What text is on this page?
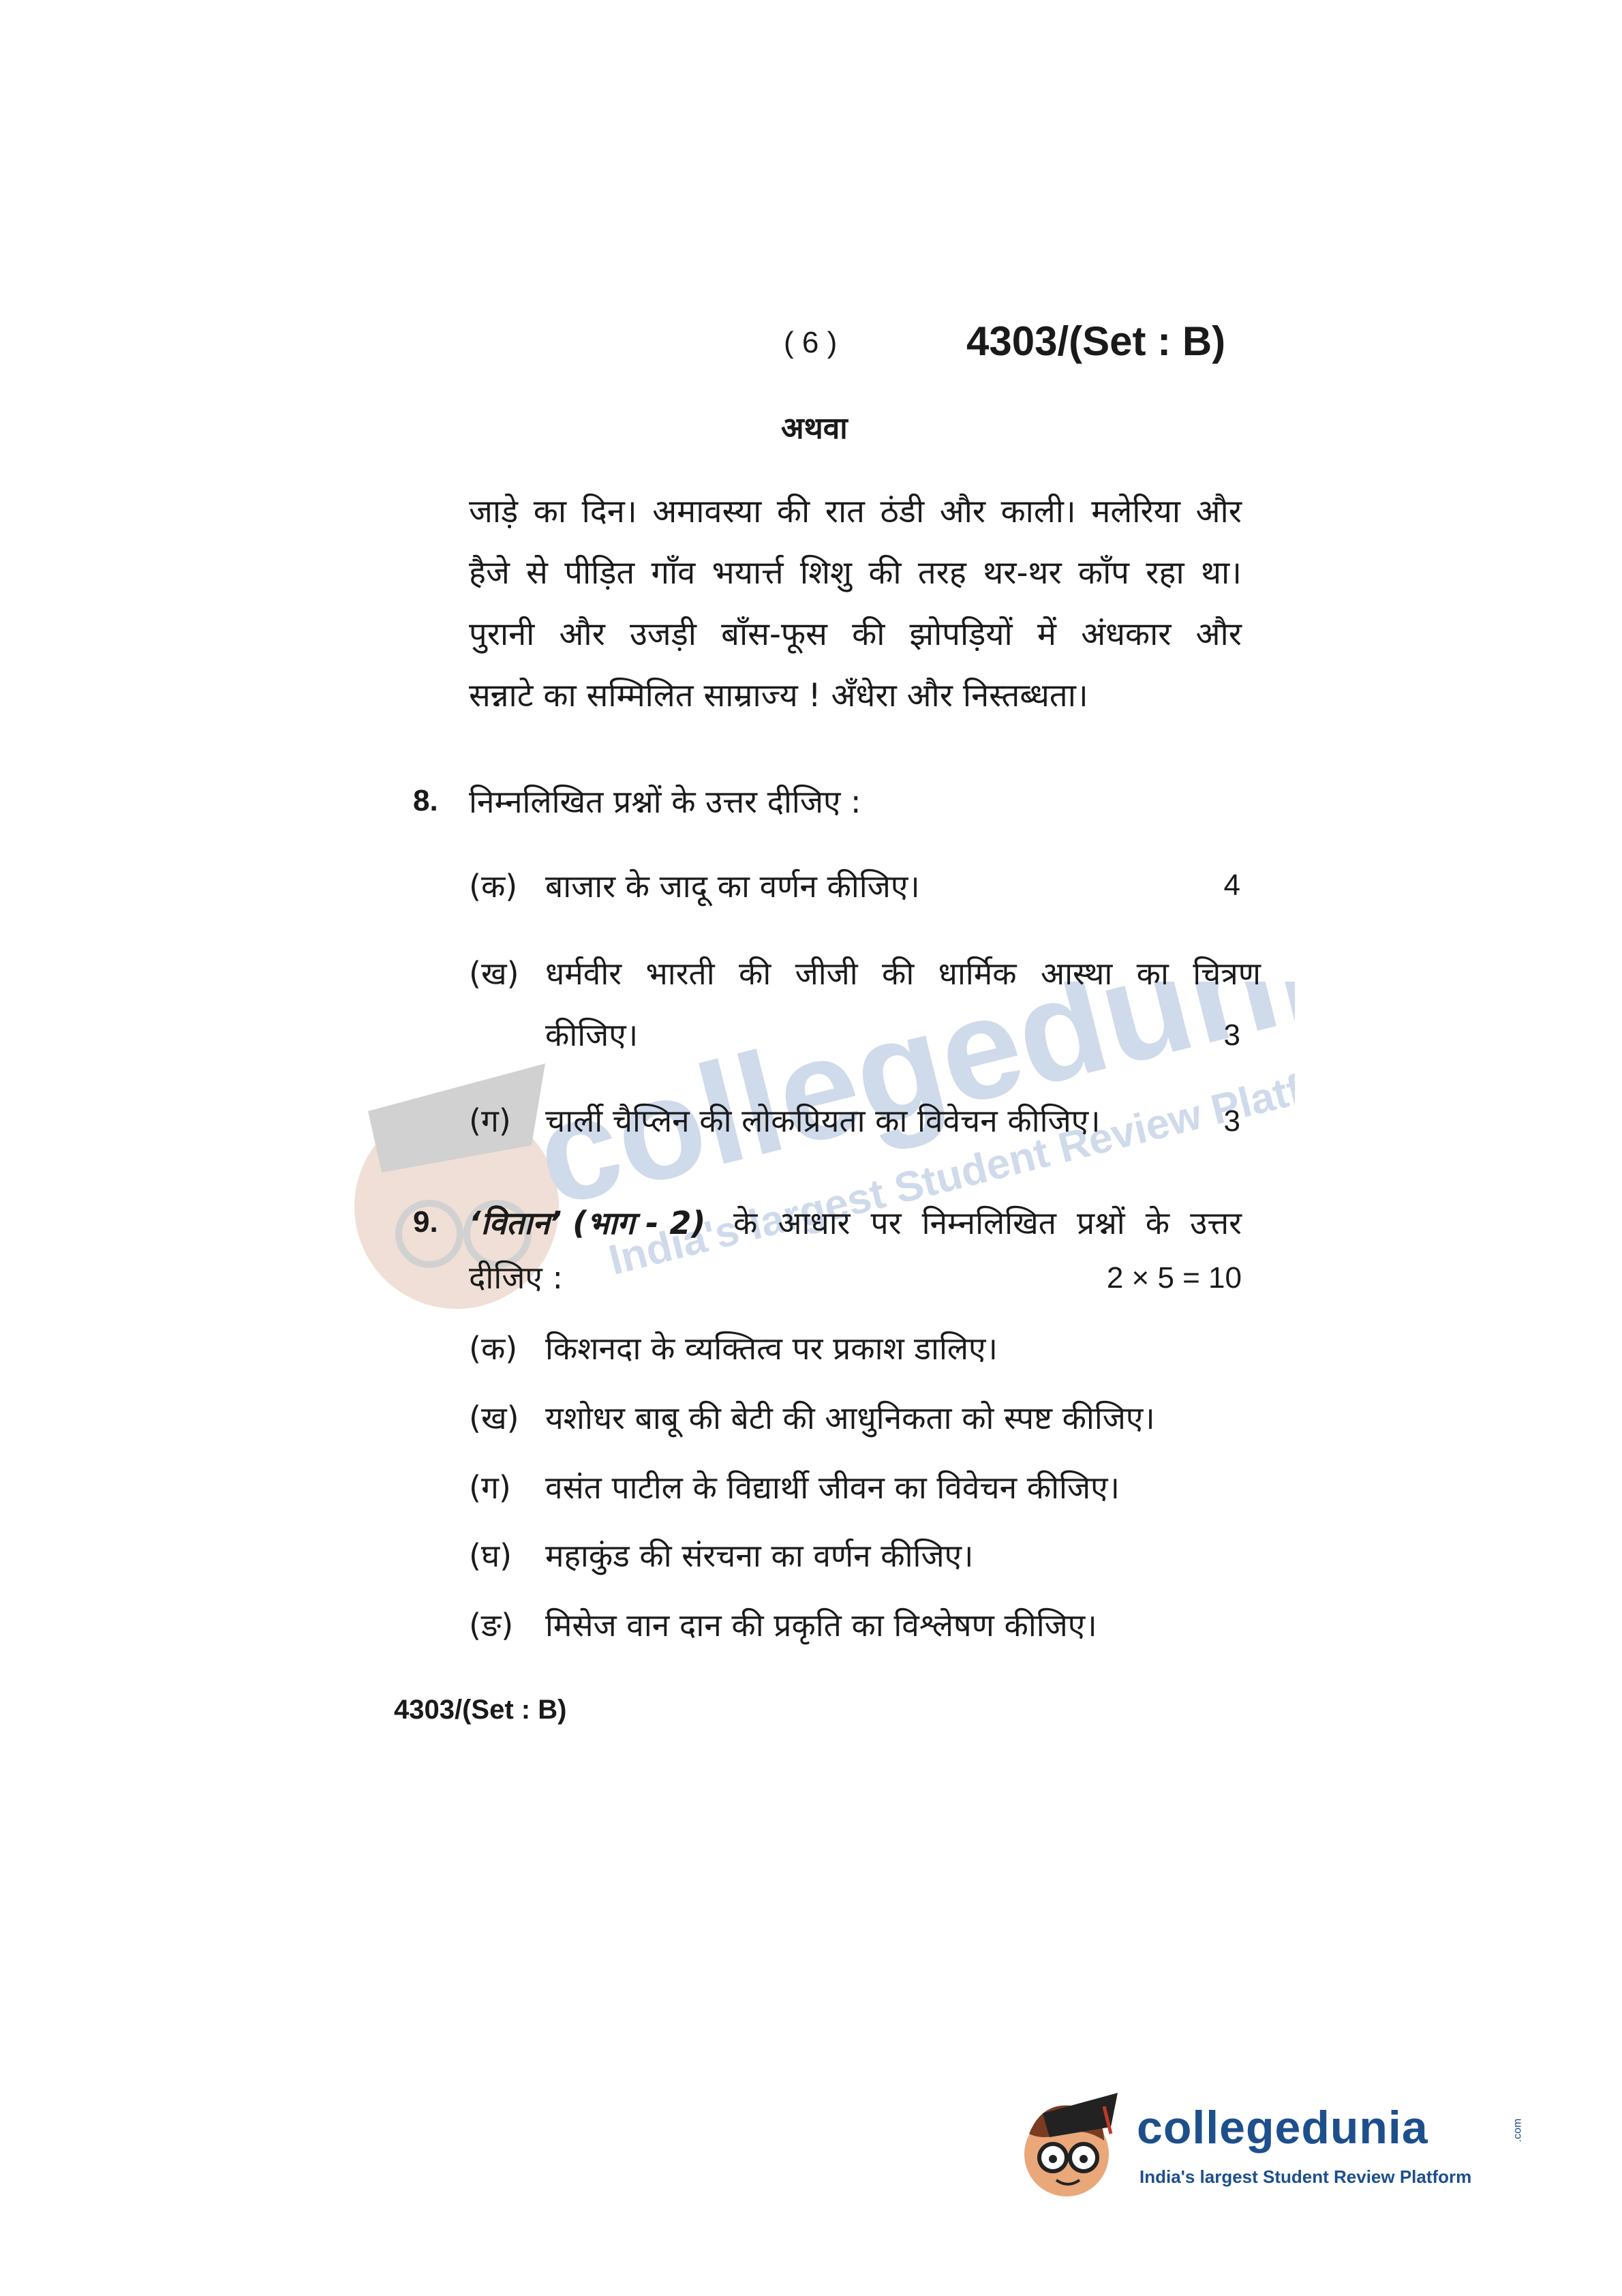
collegedunia
India's largest Student Review Platform
( 6 )	4303/(Set : B)
अथवा
जाड़े का दिन। अमावस्या की रात ठंडी और काली। मलेरिया और
हैजे से पीड़ित गाँव भयार्त्त शिशु की तरह थर-थर काँप रहा था।
पुरानी और उजड़ी बाँस-फूस की झोपड़ियों में अंधकार और
सन्नाटे का सम्मिलित साम्राज्य ! अँधेरा और निस्तब्धता।
8. निम्नलिखित प्रश्नों के उत्तर दीजिए :
(क) बाजार के जादू का वर्णन कीजिए।	4
(ख) धर्मवीर भारती की जीजी की धार्मिक आस्था का चित्रण
कीजिए।	3
(ग) चार्ली चैप्लिन की लोकप्रियता का विवेचन कीजिए।	3
9. ‘वितान’ (भाग - 2) के आधार पर निम्नलिखित प्रश्नों के उत्तर
दीजिए :	2 × 5 = 10
(क) किशनदा के व्यक्तित्व पर प्रकाश डालिए।
(ख) यशोधर बाबू की बेटी की आधुनिकता को स्पष्ट कीजिए।
(ग) वसंत पाटील के विद्यार्थी जीवन का विवेचन कीजिए।
(घ) महाकुंड की संरचना का वर्णन कीजिए।
(ङ) मिसेज वान दान की प्रकृति का विश्लेषण कीजिए।
4303/(Set : B)
collegedunia	.com
India's largest Student Review Platform
